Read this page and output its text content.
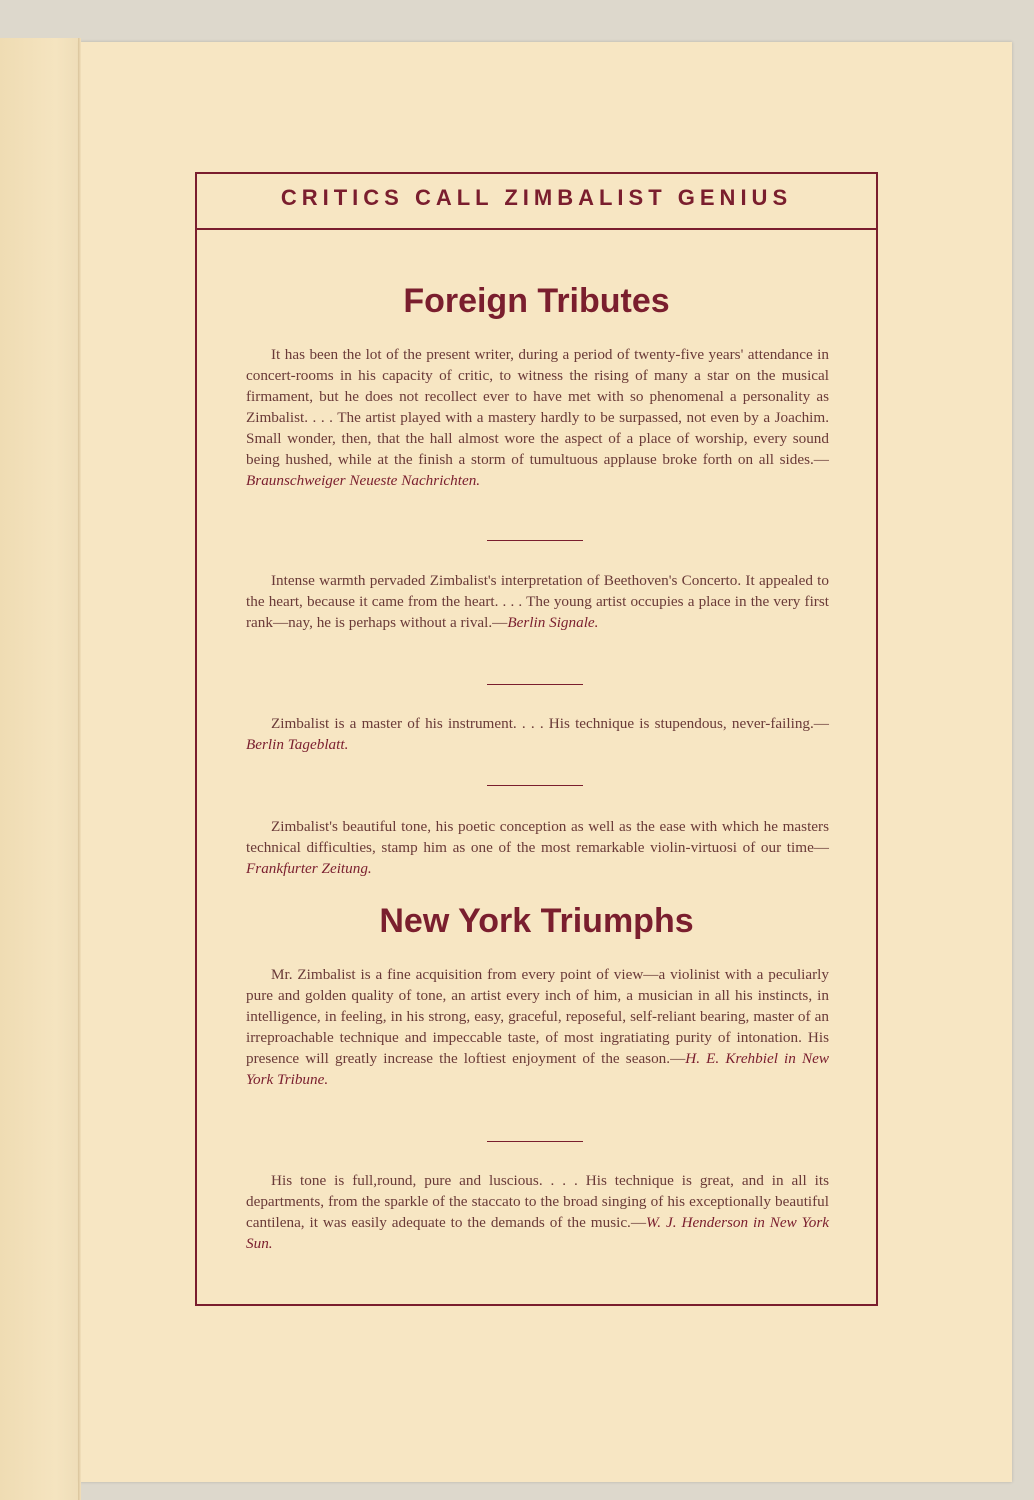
CRITICS CALL ZIMBALIST GENIUS
Foreign Tributes

It has been the lot of the present writer, during a period of twenty-five years' attendance in concert-rooms in his capacity of critic, to witness the rising of many a star on the musical firmament, but he does not recollect ever to have met with so phenomenal a personality as Zimbalist. . . . The artist played with a mastery hardly to be surpassed, not even by a Joachim. Small wonder, then, that the hall almost wore the aspect of a place of worship, every sound being hushed, while at the finish a storm of tumultuous applause broke forth on all sides.—Braunschweiger Neueste Nachrichten.

Intense warmth pervaded Zimbalist's interpretation of Beethoven's Concerto. It appealed to the heart, because it came from the heart. . . . The young artist occupies a place in the very first rank—nay, he is perhaps without a rival.—Berlin Signale.

Zimbalist is a master of his instrument. . . . His technique is stupendous, never-failing.—Berlin Tageblatt.

Zimbalist's beautiful tone, his poetic conception as well as the ease with which he masters technical difficulties, stamp him as one of the most remarkable violin-virtuosi of our time—Frankfurter Zeitung.

New York Triumphs

Mr. Zimbalist is a fine acquisition from every point of view—a violinist with a peculiarly pure and golden quality of tone, an artist every inch of him, a musician in all his instincts, in intelligence, in feeling, in his strong, easy, graceful, reposeful, self-reliant bearing, master of an irreproachable technique and impeccable taste, of most ingratiating purity of intonation. His presence will greatly increase the loftiest enjoyment of the season.—H. E. Krehbiel in New York Tribune.

His tone is full,round, pure and luscious. . . . His technique is great, and in all its departments, from the sparkle of the staccato to the broad singing of his exceptionally beautiful cantilena, it was easily adequate to the demands of the music.—W. J. Henderson in New York Sun.
